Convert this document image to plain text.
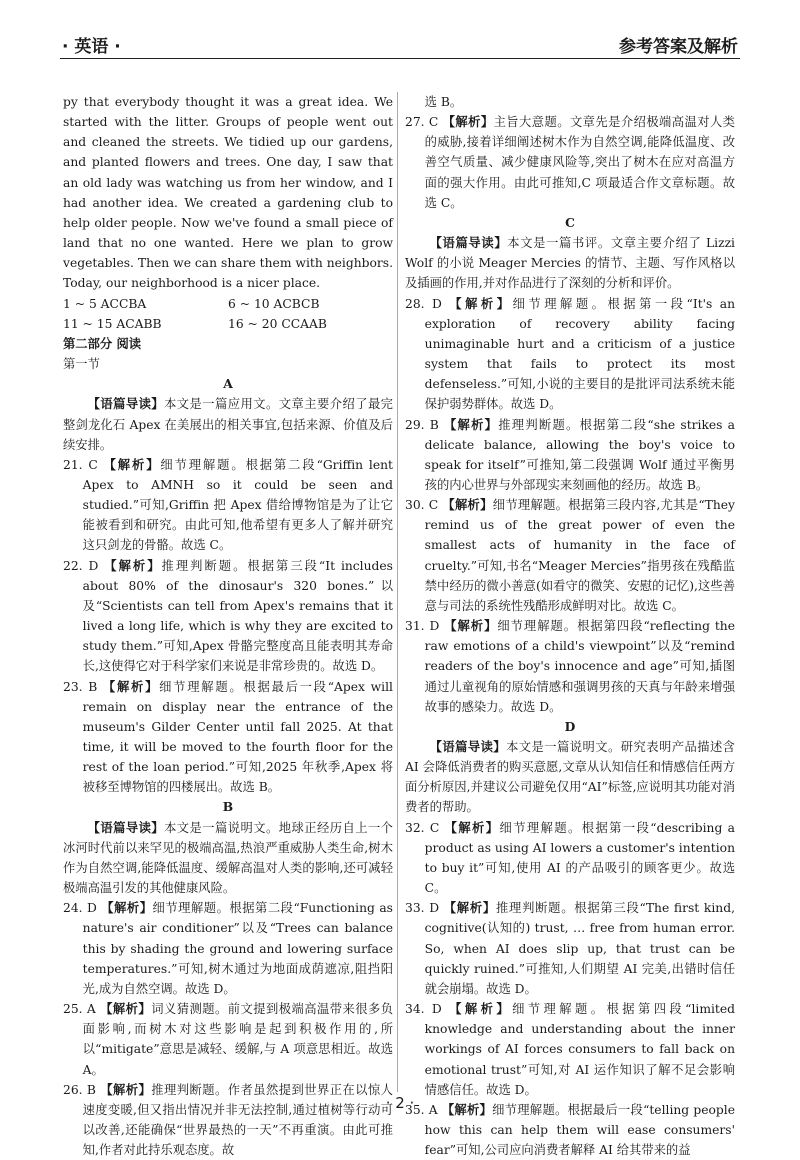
· 英语 ·	参考答案及解析

py that everybody thought it was a great idea. We started with the litter. Groups of people went out and cleaned the streets. We tidied up our gardens, and planted flowers and trees. One day, I saw that an old lady was watching us from her window, and I had another idea. We created a gardening club to help older people. Now we've found a small piece of land that no one wanted. Here we plan to grow vegetables. Then we can share them with neighbors. Today, our neighborhood is a nicer place.

1 ~ 5 ACCBA	6 ~ 10 ACBCB
11 ~ 15 ACABB	16 ~ 20 CCAAB

第二部分 阅读

第一节

A

【语篇导读】本文是一篇应用文。文章主要介绍了最完整剑龙化石 Apex 在美展出的相关事宜,包括来源、价值及后续安排。

21. C 【解析】细节理解题。根据第二段“Griffin lent Apex to AMNH so it could be seen and studied.”可知,Griffin 把 Apex 借给博物馆是为了让它能被看到和研究。由此可知,他希望有更多人了解并研究这只剑龙的骨骼。故选 C。

22. D 【解析】推理判断题。根据第三段“It includes about 80% of the dinosaur's 320 bones.”以及“Scientists can tell from Apex's remains that it lived a long life, which is why they are excited to study them.”可知,Apex 骨骼完整度高且能表明其寿命长,这使得它对于科学家们来说是非常珍贵的。故选 D。

23. B 【解析】细节理解题。根据最后一段“Apex will remain on display near the entrance of the museum's Gilder Center until fall 2025. At that time, it will be moved to the fourth floor for the rest of the loan period.”可知,2025 年秋季,Apex 将被移至博物馆的四楼展出。故选 B。

B

【语篇导读】本文是一篇说明文。地球正经历自上一个冰河时代前以来罕见的极端高温,热浪严重威胁人类生命,树木作为自然空调,能降低温度、缓解高温对人类的影响,还可减轻极端高温引发的其他健康风险。

24. D 【解析】细节理解题。根据第二段“Functioning as nature's air conditioner”以及“Trees can balance this by shading the ground and lowering surface temperatures.”可知,树木通过为地面成荫遮凉,阻挡阳光,成为自然空调。故选 D。

25. A 【解析】词义猜测题。前文提到极端高温带来很多负面影响,而树木对这些影响是起到积极作用的,所以“mitigate”意思是减轻、缓解,与 A 项意思相近。故选 A。

26. B 【解析】推理判断题。作者虽然提到世界正在以惊人速度变暖,但又指出情况并非无法控制,通过植树等行动可以改善,还能确保“世界最热的一天”不再重演。由此可推知,作者对此持乐观态度。故

选 B。

27. C 【解析】主旨大意题。文章先是介绍极端高温对人类的威胁,接着详细阐述树木作为自然空调,能降低温度、改善空气质量、减少健康风险等,突出了树木在应对高温方面的强大作用。由此可推知,C 项最适合作文章标题。故选 C。

C

【语篇导读】本文是一篇书评。文章主要介绍了 Lizzi Wolf 的小说 Meager Mercies 的情节、主题、写作风格以及插画的作用,并对作品进行了深刻的分析和评价。

28. D 【解析】细节理解题。根据第一段“It's an exploration of recovery ability facing unimaginable hurt and a criticism of a justice system that fails to protect its most defenseless.”可知,小说的主要目的是批评司法系统未能保护弱势群体。故选 D。

29. B 【解析】推理判断题。根据第二段“she strikes a delicate balance, allowing the boy's voice to speak for itself”可推知,第二段强调 Wolf 通过平衡男孩的内心世界与外部现实来刻画他的经历。故选 B。

30. C 【解析】细节理解题。根据第三段内容,尤其是“They remind us of the great power of even the smallest acts of humanity in the face of cruelty.”可知,书名“Meager Mercies”指男孩在残酷监禁中经历的微小善意(如看守的微笑、安慰的记忆),这些善意与司法的系统性残酷形成鲜明对比。故选 C。

31. D 【解析】细节理解题。根据第四段“reflecting the raw emotions of a child's viewpoint”以及“remind readers of the boy's innocence and age”可知,插图通过儿童视角的原始情感和强调男孩的天真与年龄来增强故事的感染力。故选 D。

D

【语篇导读】本文是一篇说明文。研究表明产品描述含 AI 会降低消费者的购买意愿,文章从认知信任和情感信任两方面分析原因,并建议公司避免仅用“AI”标签,应说明其功能对消费者的帮助。

32. C 【解析】细节理解题。根据第一段“describing a product as using AI lowers a customer's intention to buy it”可知,使用 AI 的产品吸引的顾客更少。故选 C。

33. D 【解析】推理判断题。根据第三段“The first kind, cognitive(认知的) trust, … free from human error. So, when AI does slip up, that trust can be quickly ruined.”可推知,人们期望 AI 完美,出错时信任就会崩塌。故选 D。

34. D 【解析】细节理解题。根据第四段“limited knowledge and understanding about the inner workings of AI forces consumers to fall back on emotional trust”可知,对 AI 运作知识了解不足会影响情感信任。故选 D。

35. A 【解析】细节理解题。根据最后一段“telling people how this can help them will ease consumers' fear”可知,公司应向消费者解释 AI 给其带来的益

· 2 ·
